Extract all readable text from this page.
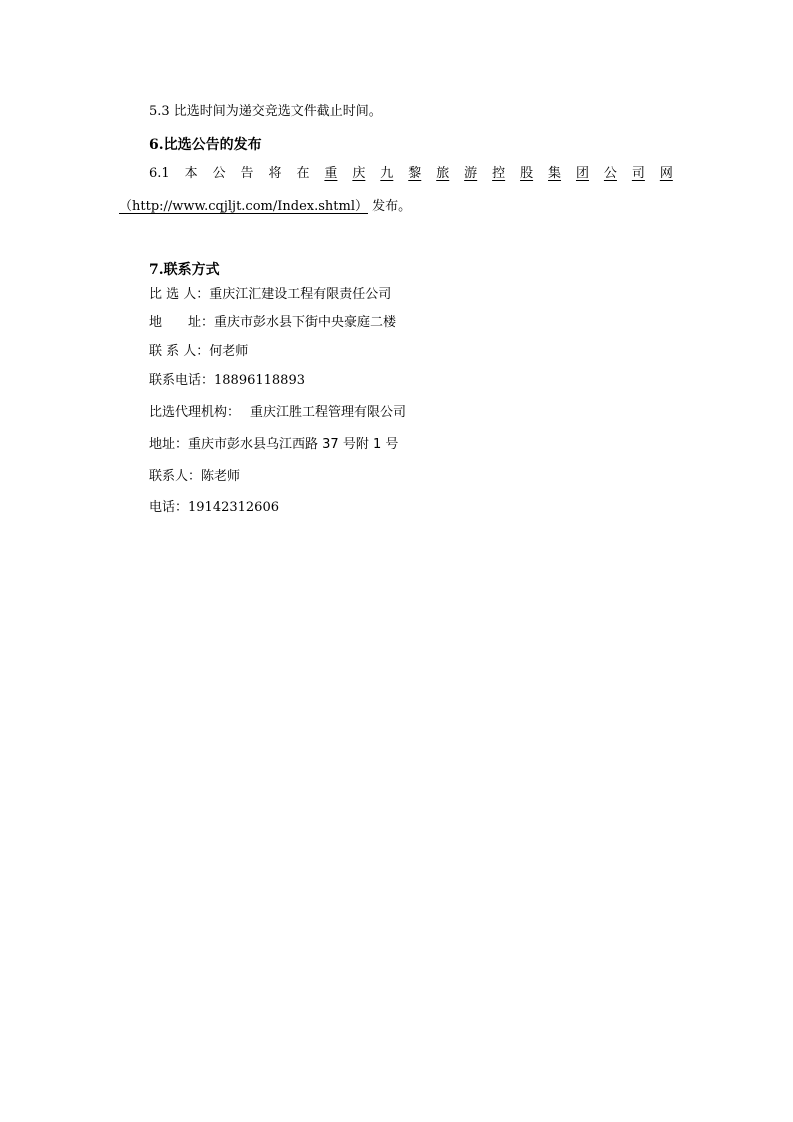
5.3 比选时间为递交竞选文件截止时间。
6.比选公告的发布
6.1 本 公 告 将 在 重 庆 九 黎 旅 游 控 股 集 团 公 司 网
（http://www.cqjljt.com/Index.shtml） 发布。
7.联系方式
比 选 人：重庆江汇建设工程有限责任公司
地　　址：重庆市彭水县下街中央豪庭二楼
联 系 人：何老师
联系电话：18896118893
比选代理机构： 重庆江胜工程管理有限公司
地址：重庆市彭水县乌江西路 37 号附 1 号
联系人：陈老师
电话：19142312606
